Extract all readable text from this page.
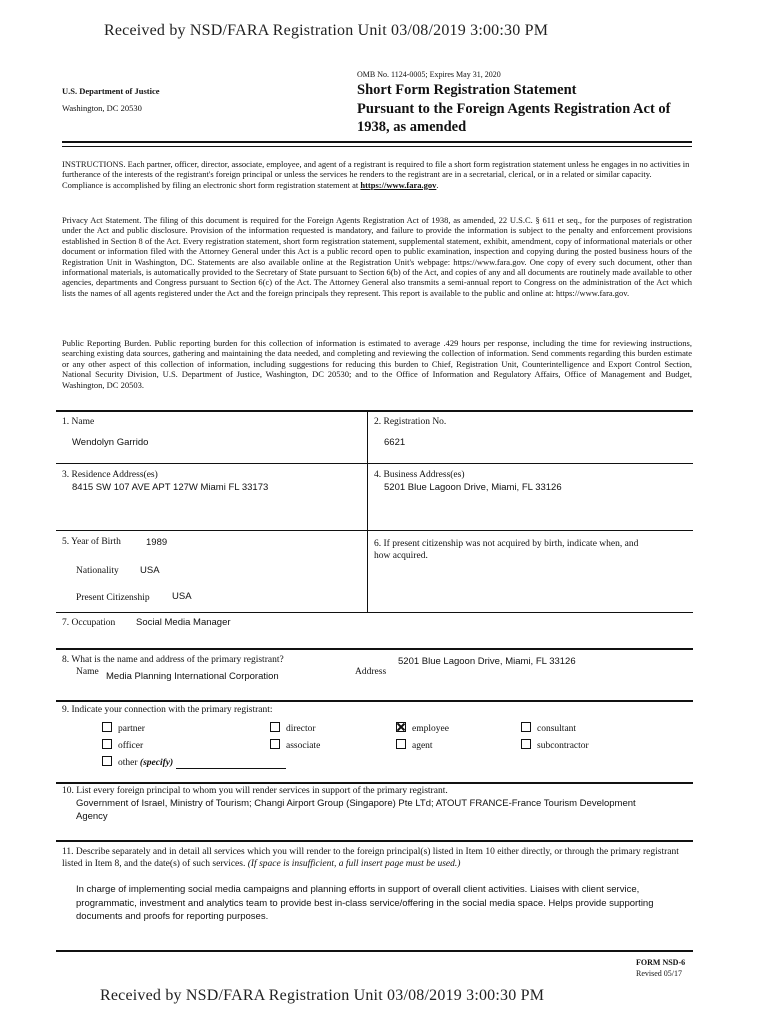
Received by NSD/FARA Registration Unit 03/08/2019 3:00:30 PM
U.S. Department of Justice
Washington, DC 20530
OMB No. 1124-0005; Expires May 31, 2020
Short Form Registration Statement
Pursuant to the Foreign Agents Registration Act of
1938, as amended
INSTRUCTIONS. Each partner, officer, director, associate, employee, and agent of a registrant is required to file a short form registration statement unless he engages in no activities in furtherance of the interests of the registrant's foreign principal or unless the services he renders to the registrant are in a secretarial, clerical, or in a related or similar capacity. Compliance is accomplished by filing an electronic short form registration statement at https://www.fara.gov.
Privacy Act Statement. The filing of this document is required for the Foreign Agents Registration Act of 1938, as amended, 22 U.S.C. § 611 et seq., for the purposes of registration under the Act and public disclosure. Provision of the information requested is mandatory, and failure to provide the information is subject to the penalty and enforcement provisions established in Section 8 of the Act. Every registration statement, short form registration statement, supplemental statement, exhibit, amendment, copy of informational materials or other document or information filed with the Attorney General under this Act is a public record open to public examination, inspection and copying during the posted business hours of the Registration Unit in Washington, DC. Statements are also available online at the Registration Unit's webpage: https://www.fara.gov. One copy of every such document, other than informational materials, is automatically provided to the Secretary of State pursuant to Section 6(b) of the Act, and copies of any and all documents are routinely made available to other agencies, departments and Congress pursuant to Section 6(c) of the Act. The Attorney General also transmits a semi-annual report to Congress on the administration of the Act which lists the names of all agents registered under the Act and the foreign principals they represent. This report is available to the public and online at: https://www.fara.gov.
Public Reporting Burden. Public reporting burden for this collection of information is estimated to average .429 hours per response, including the time for reviewing instructions, searching existing data sources, gathering and maintaining the data needed, and completing and reviewing the collection of information. Send comments regarding this burden estimate or any other aspect of this collection of information, including suggestions for reducing this burden to Chief, Registration Unit, Counterintelligence and Export Control Section, National Security Division, U.S. Department of Justice, Washington, DC 20530; and to the Office of Information and Regulatory Affairs, Office of Management and Budget, Washington, DC 20503.
1. Name
Wendolyn Garrido
2. Registration No.
6621
3. Residence Address(es)
8415 SW 107 AVE APT 127W Miami FL 33173
4. Business Address(es)
5201 Blue Lagoon Drive, Miami, FL 33126
5. Year of Birth	1989
Nationality USA
Present Citizenship USA
6. If present citizenship was not acquired by birth, indicate when, and how acquired.
7. Occupation Social Media Manager
8. What is the name and address of the primary registrant?
Name Media Planning International Corporation	Address
5201 Blue Lagoon Drive, Miami, FL 33126
9. Indicate your connection with the primary registrant:
partner	director	employee	consultant
officer	associate	agent	subcontractor
other (specify)
10. List every foreign principal to whom you will render services in support of the primary registrant.
Government of Israel, Ministry of Tourism; Changi Airport Group (Singapore) Pte LTd; ATOUT FRANCE-France Tourism Development Agency
11. Describe separately and in detail all services which you will render to the foreign principal(s) listed in Item 10 either directly, or through the primary registrant listed in Item 8, and the date(s) of such services. (If space is insufficient, a full insert page must be used.)
In charge of implementing social media campaigns and planning efforts in support of overall client activities. Liaises with client service, programmatic, investment and analytics team to provide best in-class service/offering in the social media space. Helps provide supporting documents and proofs for reporting purposes.
FORM NSD-6
Revised 05/17
Received by NSD/FARA Registration Unit 03/08/2019 3:00:30 PM
